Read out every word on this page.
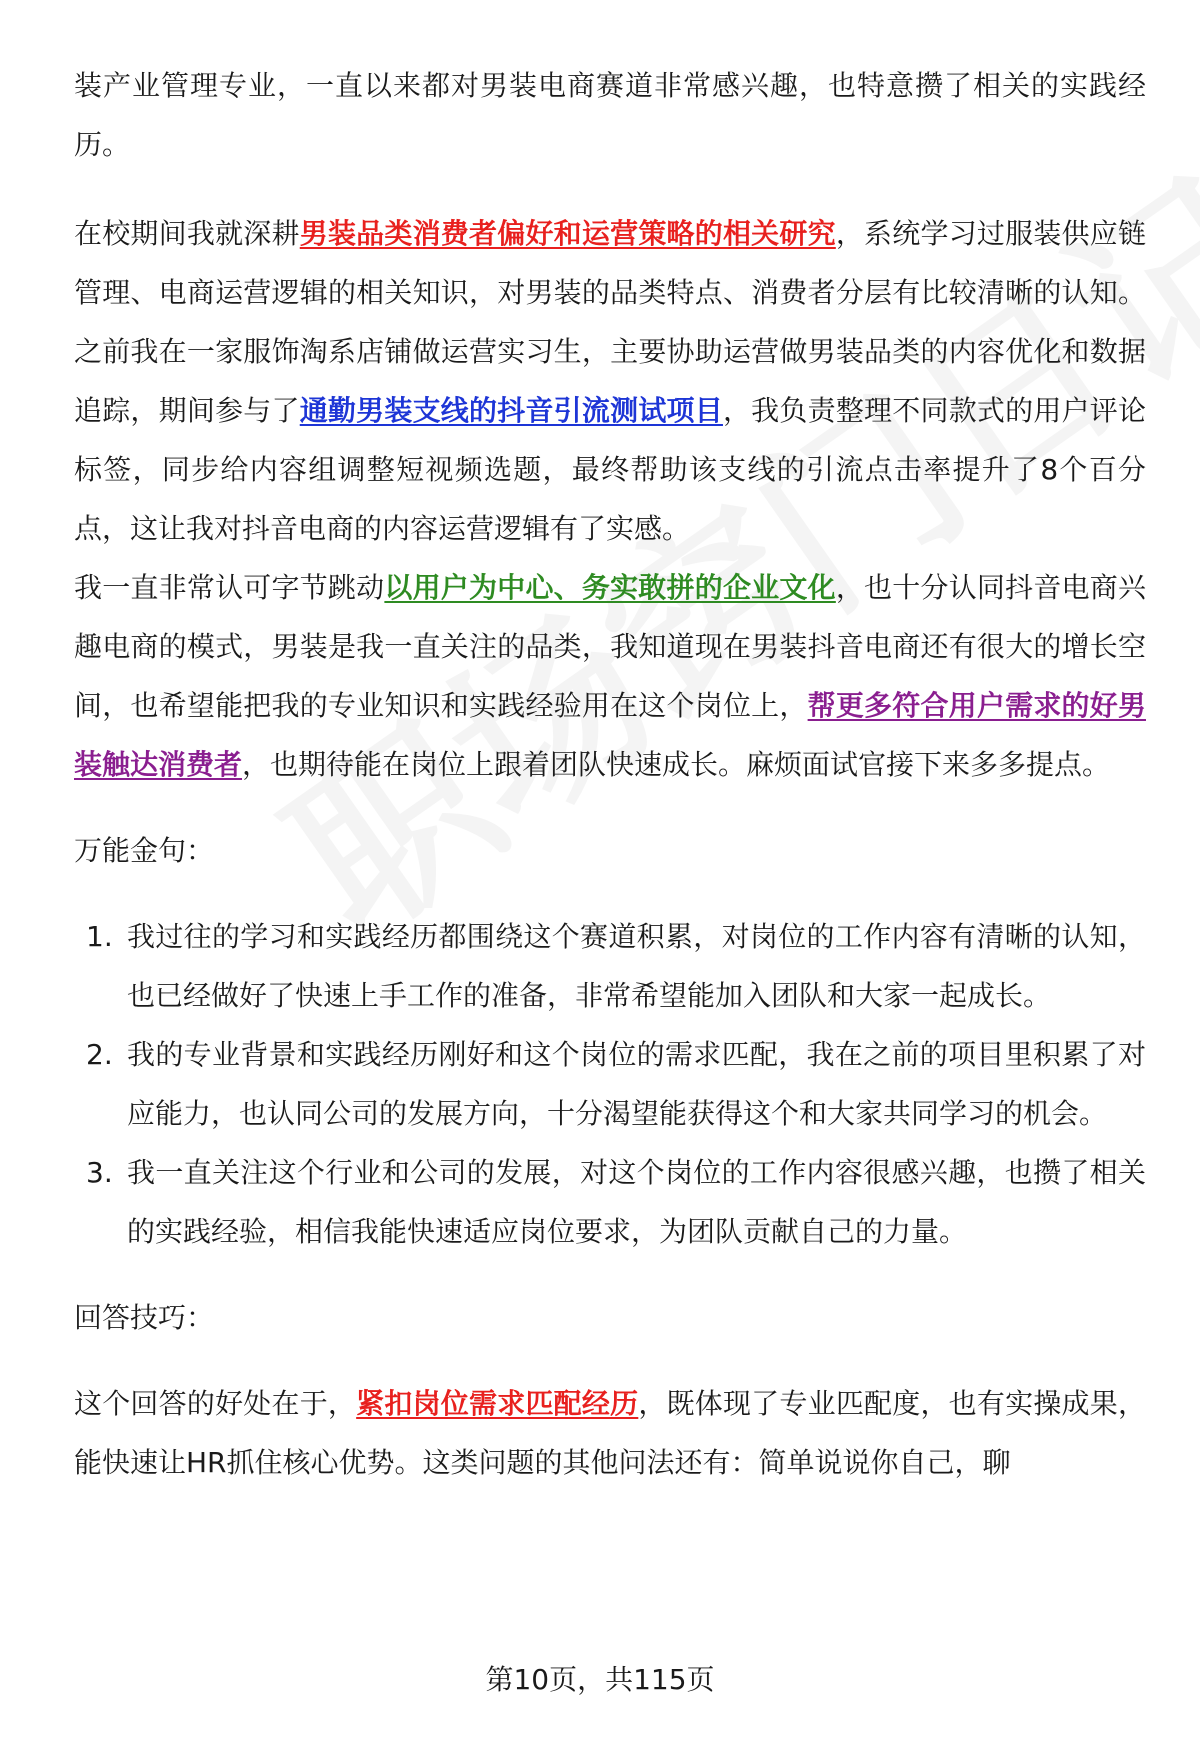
装产业管理专业，一直以来都对男装电商赛道非常感兴趣，也特意攒了相关的实践经历。

在校期间我就深耕男装品类消费者偏好和运营策略的相关研究，系统学习过服装供应链管理、电商运营逻辑的相关知识，对男装的品类特点、消费者分层有比较清晰的认知。之前我在一家服饰淘系店铺做运营实习生，主要协助运营做男装品类的内容优化和数据追踪，期间参与了通勤男装支线的抖音引流测试项目，我负责整理不同款式的用户评论标签，同步给内容组调整短视频选题，最终帮助该支线的引流点击率提升了8个百分点，这让我对抖音电商的内容运营逻辑有了实感。

我一直非常认可字节跳动以用户为中心、务实敢拼的企业文化，也十分认同抖音电商兴趣电商的模式，男装是我一直关注的品类，我知道现在男装抖音电商还有很大的增长空间，也希望能把我的专业知识和实践经验用在这个岗位上，帮更多符合用户需求的好男装触达消费者，也期待能在岗位上跟着团队快速成长。麻烦面试官接下来多多提点。

万能金句：

1. 我过往的学习和实践经历都围绕这个赛道积累，对岗位的工作内容有清晰的认知，也已经做好了快速上手工作的准备，非常希望能加入团队和大家一起成长。
2. 我的专业背景和实践经历刚好和这个岗位的需求匹配，我在之前的项目里积累了对应能力，也认同公司的发展方向，十分渴望能获得这个和大家共同学习的机会。
3. 我一直关注这个行业和公司的发展，对这个岗位的工作内容很感兴趣，也攒了相关的实践经验，相信我能快速适应岗位要求，为团队贡献自己的力量。

回答技巧：

这个回答的好处在于，紧扣岗位需求匹配经历，既体现了专业匹配度，也有实操成果，能快速让HR抓住核心优势。这类问题的其他问法还有：简单说说你自己，聊

第10页，共115页
